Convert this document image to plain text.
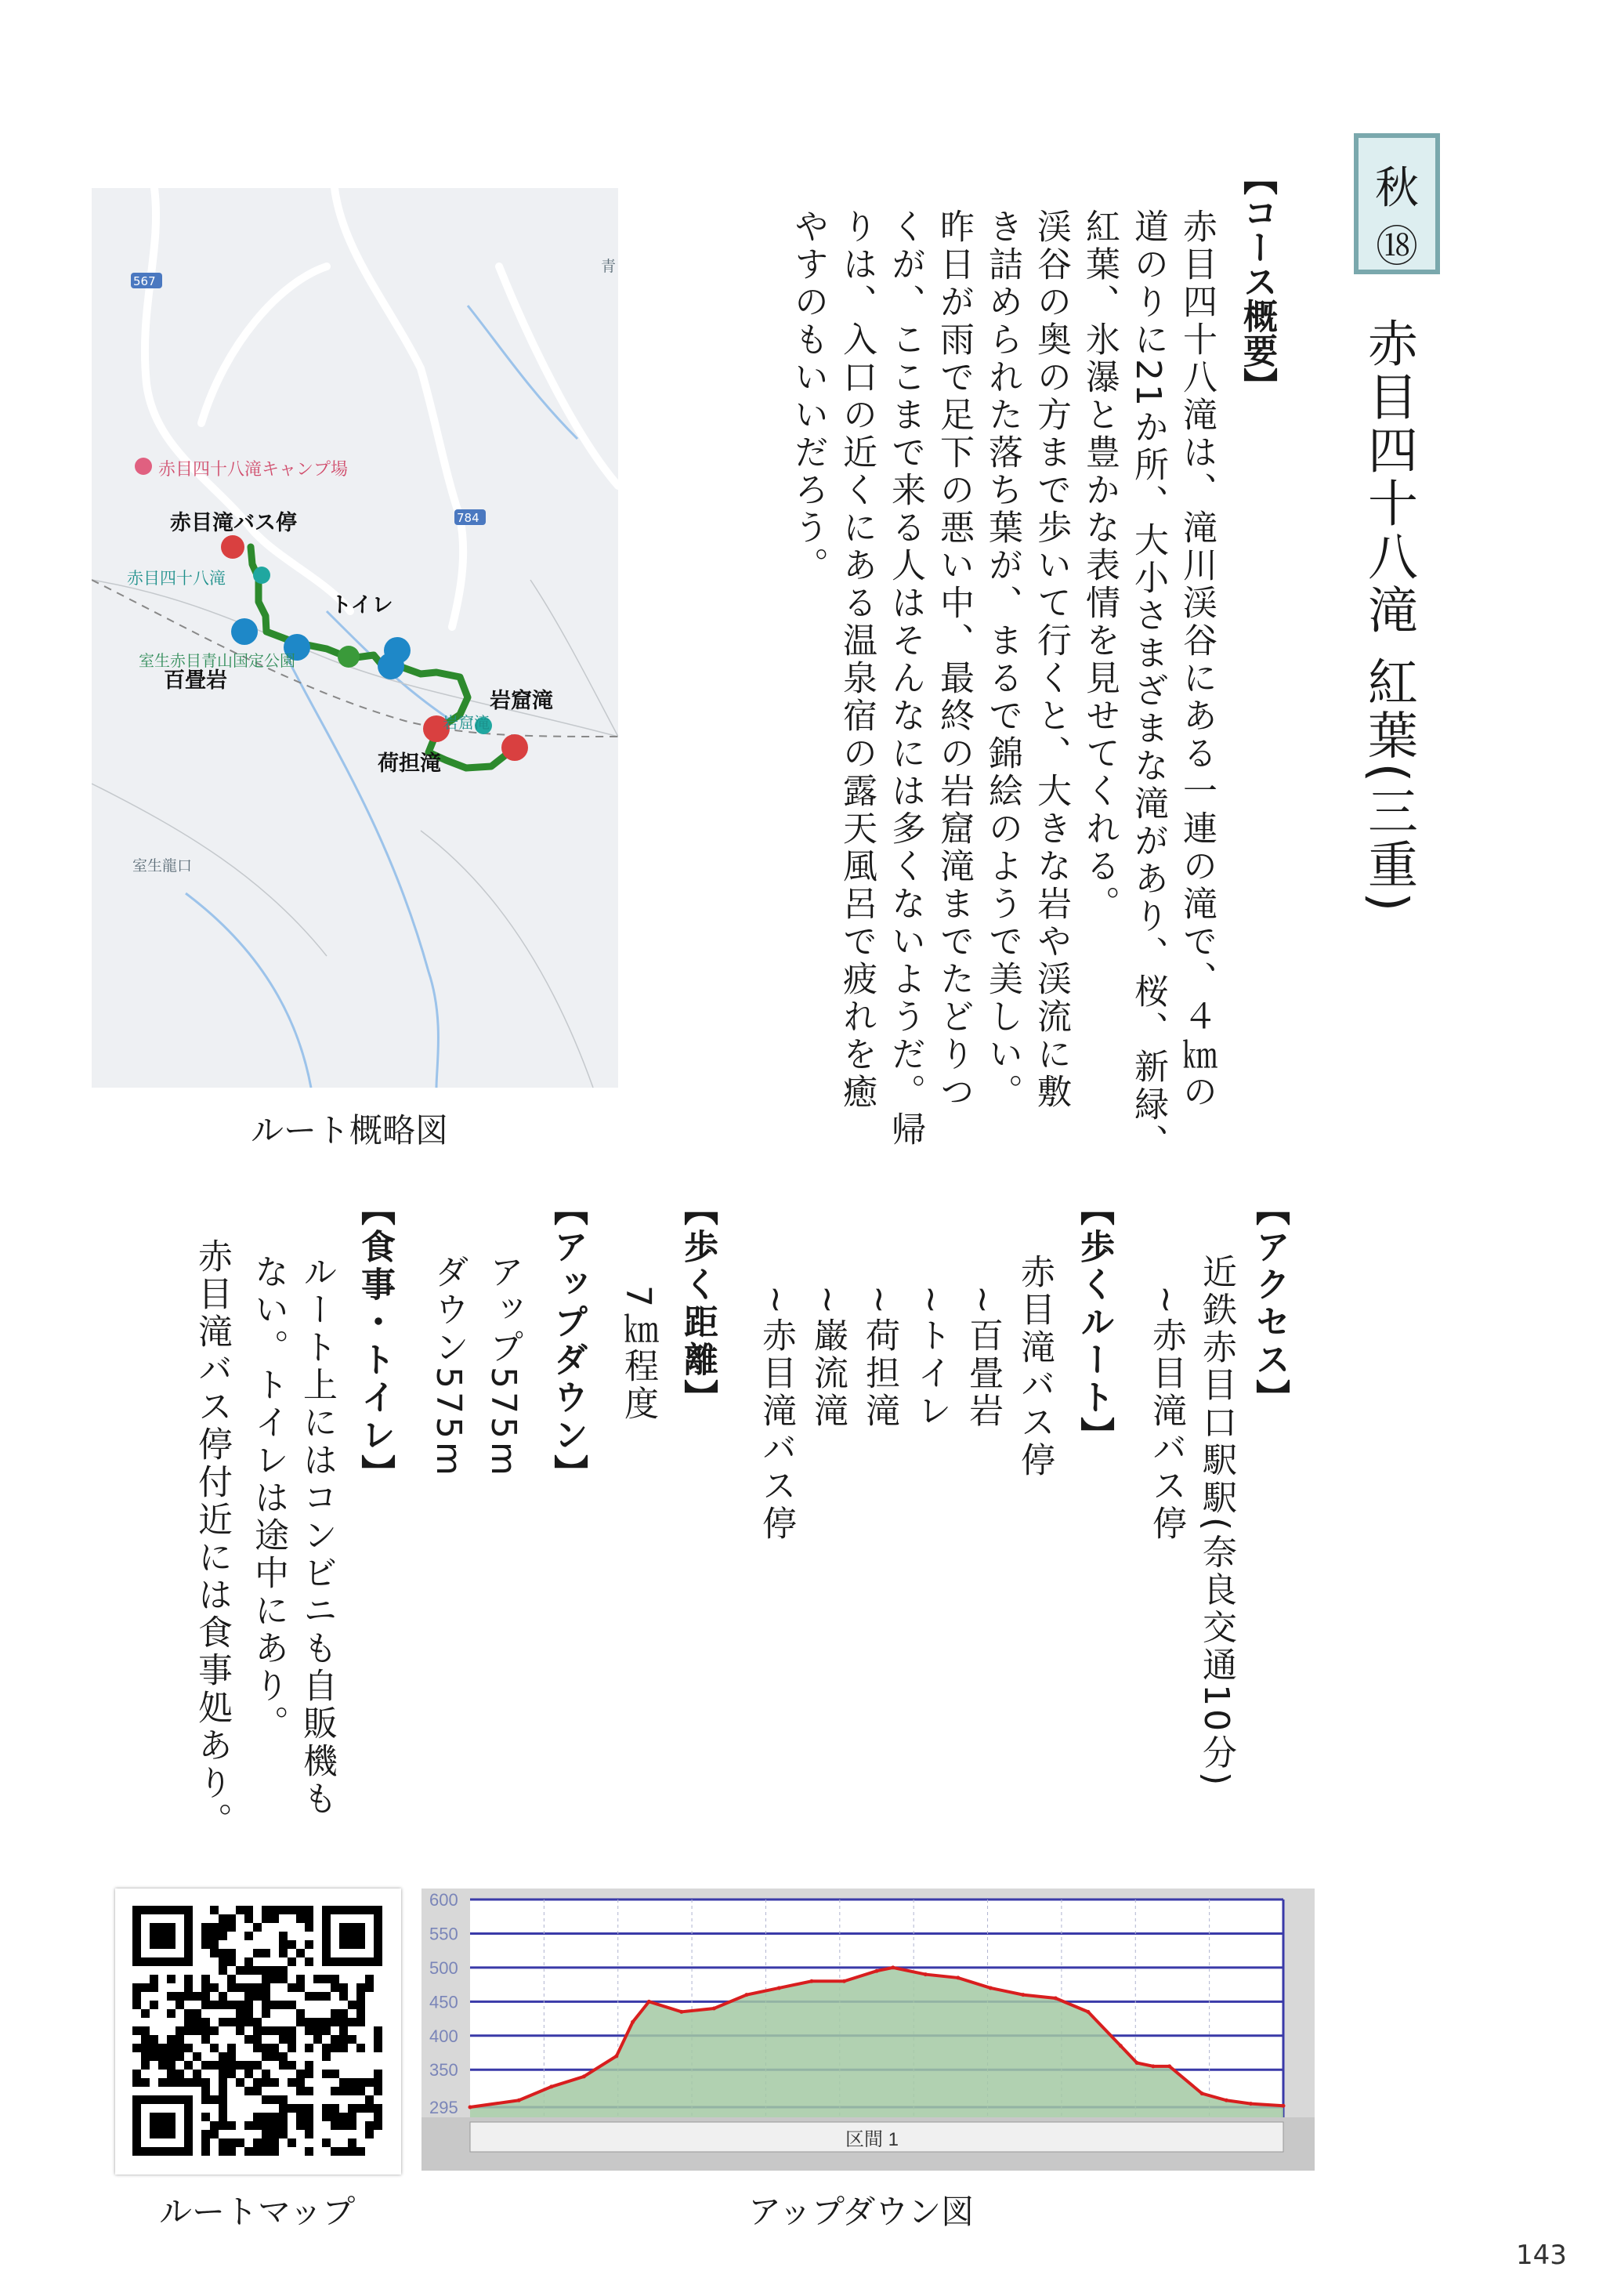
秋
⑱
赤目四十八滝 紅葉(三重)
【コース概要】
赤目四十八滝は、滝川渓谷にある一連の滝で、４㎞の
道のりに21か所、大小さまざまな滝があり、桜、新緑、
紅葉、氷瀑と豊かな表情を見せてくれる。
渓谷の奥の方まで歩いて行くと、大きな岩や渓流に敷
き詰められた落ち葉が、まるで錦絵のようで美しい。
昨日が雨で足下の悪い中、最終の岩窟滝までたどりつ
くが、ここまで来る人はそんなには多くないようだ。帰
りは、入口の近くにある温泉宿の露天風呂で疲れを癒
やすのもいいだろう。
【アクセス】
近鉄赤目口駅駅(奈良交通10分)
~赤目滝バス停
【歩くルート】
赤目滝バス停
~百畳岩
~トイレ
~荷担滝
~巌流滝
~赤目滝バス停
【歩く距離】
7㎞程度
【アップダウン】
アップ575m
ダウン575m
【食事・トイレ】
ルート上にはコンビニも自販機も
ない。トイレは途中にあり。
赤目滝バス停付近には食事処あり。
567
784
青
赤目四十八滝キャンプ場
赤目滝バス停
赤目四十八滝
トイレ
室生赤目青山国定公園
百畳岩
岩窟滝
岩窟滝
荷担滝
室生龍口
ルート概略図
ルートマップ
600
550
500
450
400
350
295
区間 1
アップダウン図
143
